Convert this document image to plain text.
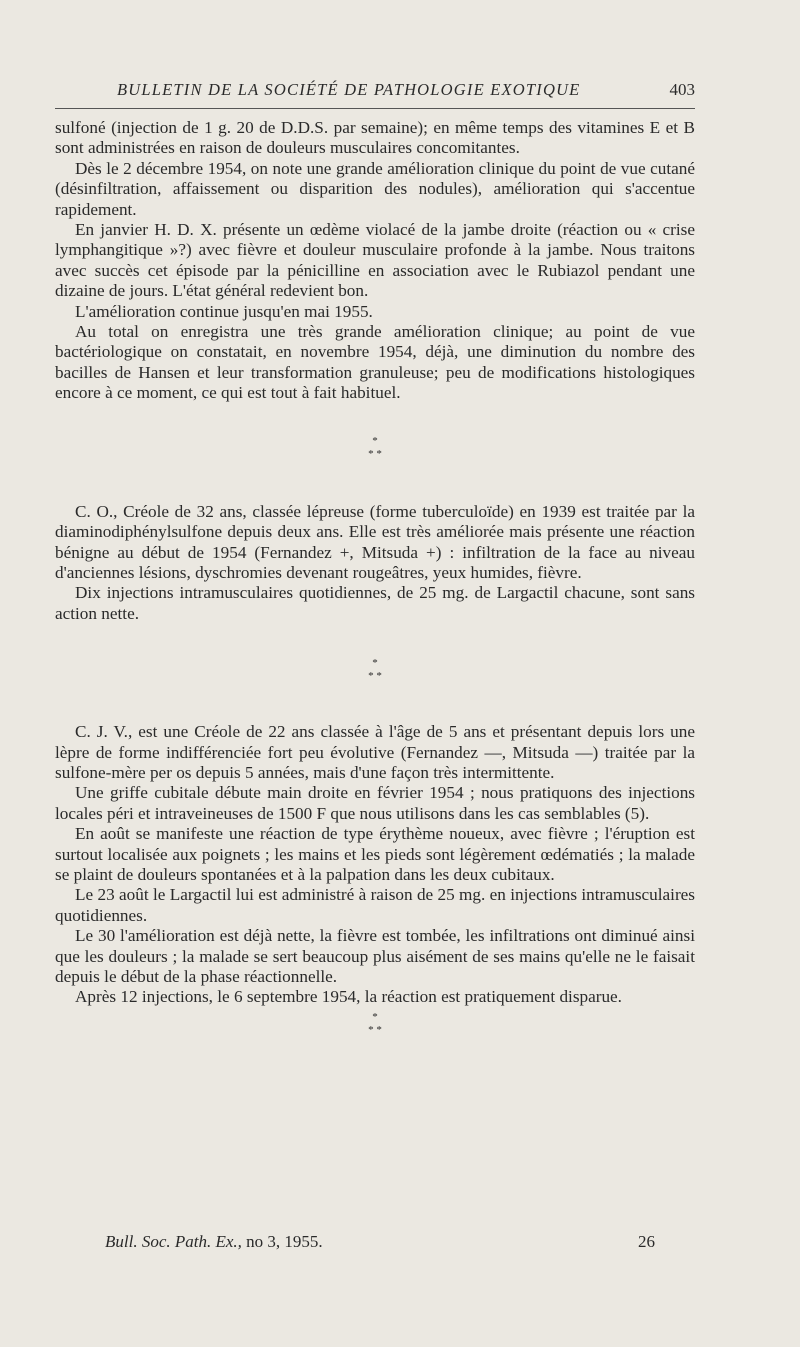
BULLETIN DE LA SOCIÉTÉ DE PATHOLOGIE EXOTIQUE	403

sulfoné (injection de 1 g. 20 de D.D.S. par semaine); en même temps des vitamines E et B sont administrées en raison de douleurs musculaires concomitantes.

Dès le 2 décembre 1954, on note une grande amélioration clinique du point de vue cutané (désinfiltration, affaissement ou disparition des nodules), amélioration qui s'accentue rapidement.

En janvier H. D. X. présente un œdème violacé de la jambe droite (réaction ou « crise lymphangitique »?) avec fièvre et douleur musculaire profonde à la jambe. Nous traitons avec succès cet épisode par la pénicilline en association avec le Rubiazol pendant une dizaine de jours. L'état général redevient bon.

L'amélioration continue jusqu'en mai 1955.

Au total on enregistra une très grande amélioration clinique; au point de vue bactériologique on constatait, en novembre 1954, déjà, une diminution du nombre des bacilles de Hansen et leur transformation granuleuse; peu de modifications histologiques encore à ce moment, ce qui est tout à fait habituel.

*
* *

C. O., Créole de 32 ans, classée lépreuse (forme tuberculoïde) en 1939 est traitée par la diaminodiphénylsulfone depuis deux ans. Elle est très améliorée mais présente une réaction bénigne au début de 1954 (Fernandez +, Mitsuda +) : infiltration de la face au niveau d'anciennes lésions, dyschromies devenant rougeâtres, yeux humides, fièvre.

Dix injections intramusculaires quotidiennes, de 25 mg. de Largactil chacune, sont sans action nette.

*
* *

C. J. V., est une Créole de 22 ans classée à l'âge de 5 ans et présentant depuis lors une lèpre de forme indifférenciée fort peu évolutive (Fernandez —, Mitsuda —) traitée par la sulfone-mère per os depuis 5 années, mais d'une façon très intermittente.

Une griffe cubitale débute main droite en février 1954 ; nous pratiquons des injections locales péri et intraveineuses de 1500 F que nous utilisons dans les cas semblables (5).

En août se manifeste une réaction de type érythème noueux, avec fièvre ; l'éruption est surtout localisée aux poignets ; les mains et les pieds sont légèrement œdématiés ; la malade se plaint de douleurs spontanées et à la palpation dans les deux cubitaux.

Le 23 août le Largactil lui est administré à raison de 25 mg. en injections intramusculaires quotidiennes.

Le 30 l'amélioration est déjà nette, la fièvre est tombée, les infiltrations ont diminué ainsi que les douleurs ; la malade se sert beaucoup plus aisément de ses mains qu'elle ne le faisait depuis le début de la phase réactionnelle.

Après 12 injections, le 6 septembre 1954, la réaction est pratiquement disparue.

*
* *
Bull. Soc. Path. Ex., no 3, 1955.	26
